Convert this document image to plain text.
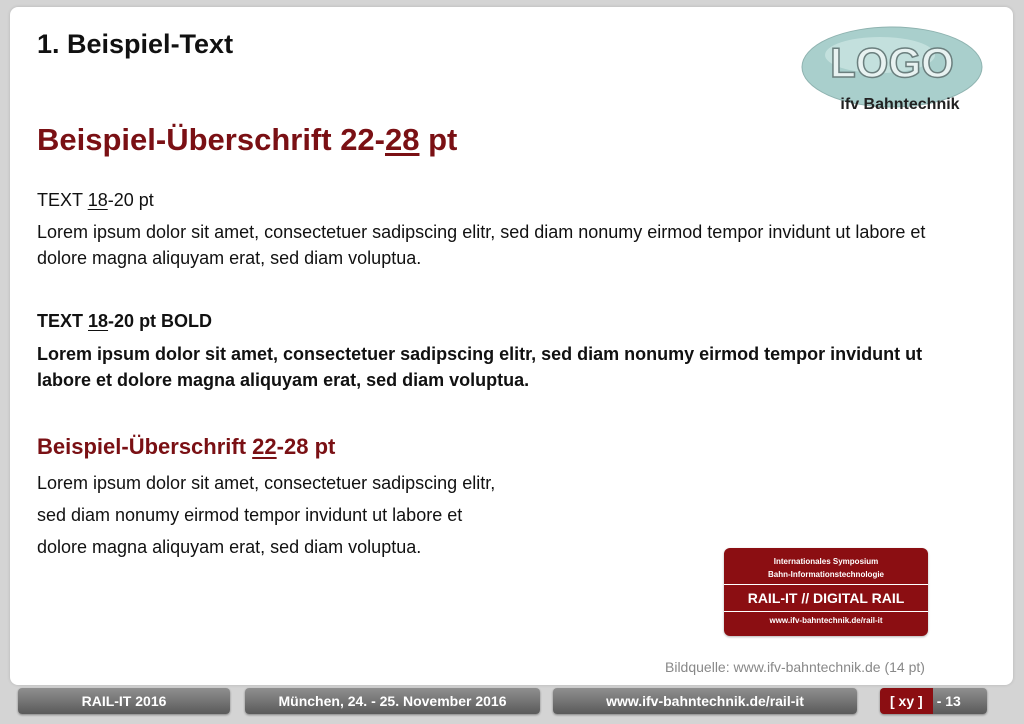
1. Beispiel-Text	LOGO
ifv Bahntechnik
Beispiel-Überschrift 22-28 pt
TEXT 18-20 pt
Lorem ipsum dolor sit amet, consectetuer sadipscing elitr, sed diam nonumy eirmod tempor invidunt ut labore et dolore magna aliquyam erat, sed diam voluptua.
TEXT 18-20 pt BOLD
Lorem ipsum dolor sit amet, consectetuer sadipscing elitr, sed diam nonumy eirmod tempor invidunt ut labore et dolore magna aliquyam erat, sed diam voluptua.
Beispiel-Überschrift 22-28 pt
Lorem ipsum dolor sit amet, consectetuer sadipscing elitr,
sed diam nonumy eirmod tempor invidunt ut labore et
dolore magna aliquyam erat, sed diam voluptua.
Internationales Symposium
Bahn-Informationstechnologie
RAIL-IT // DIGITAL RAIL
www.ifv-bahntechnik.de/rail-it
Bildquelle: www.ifv-bahntechnik.de (14 pt)
RAIL-IT 2016	München, 24. - 25. November 2016	www.ifv-bahntechnik.de/rail-it	[ xy ]	- 13
